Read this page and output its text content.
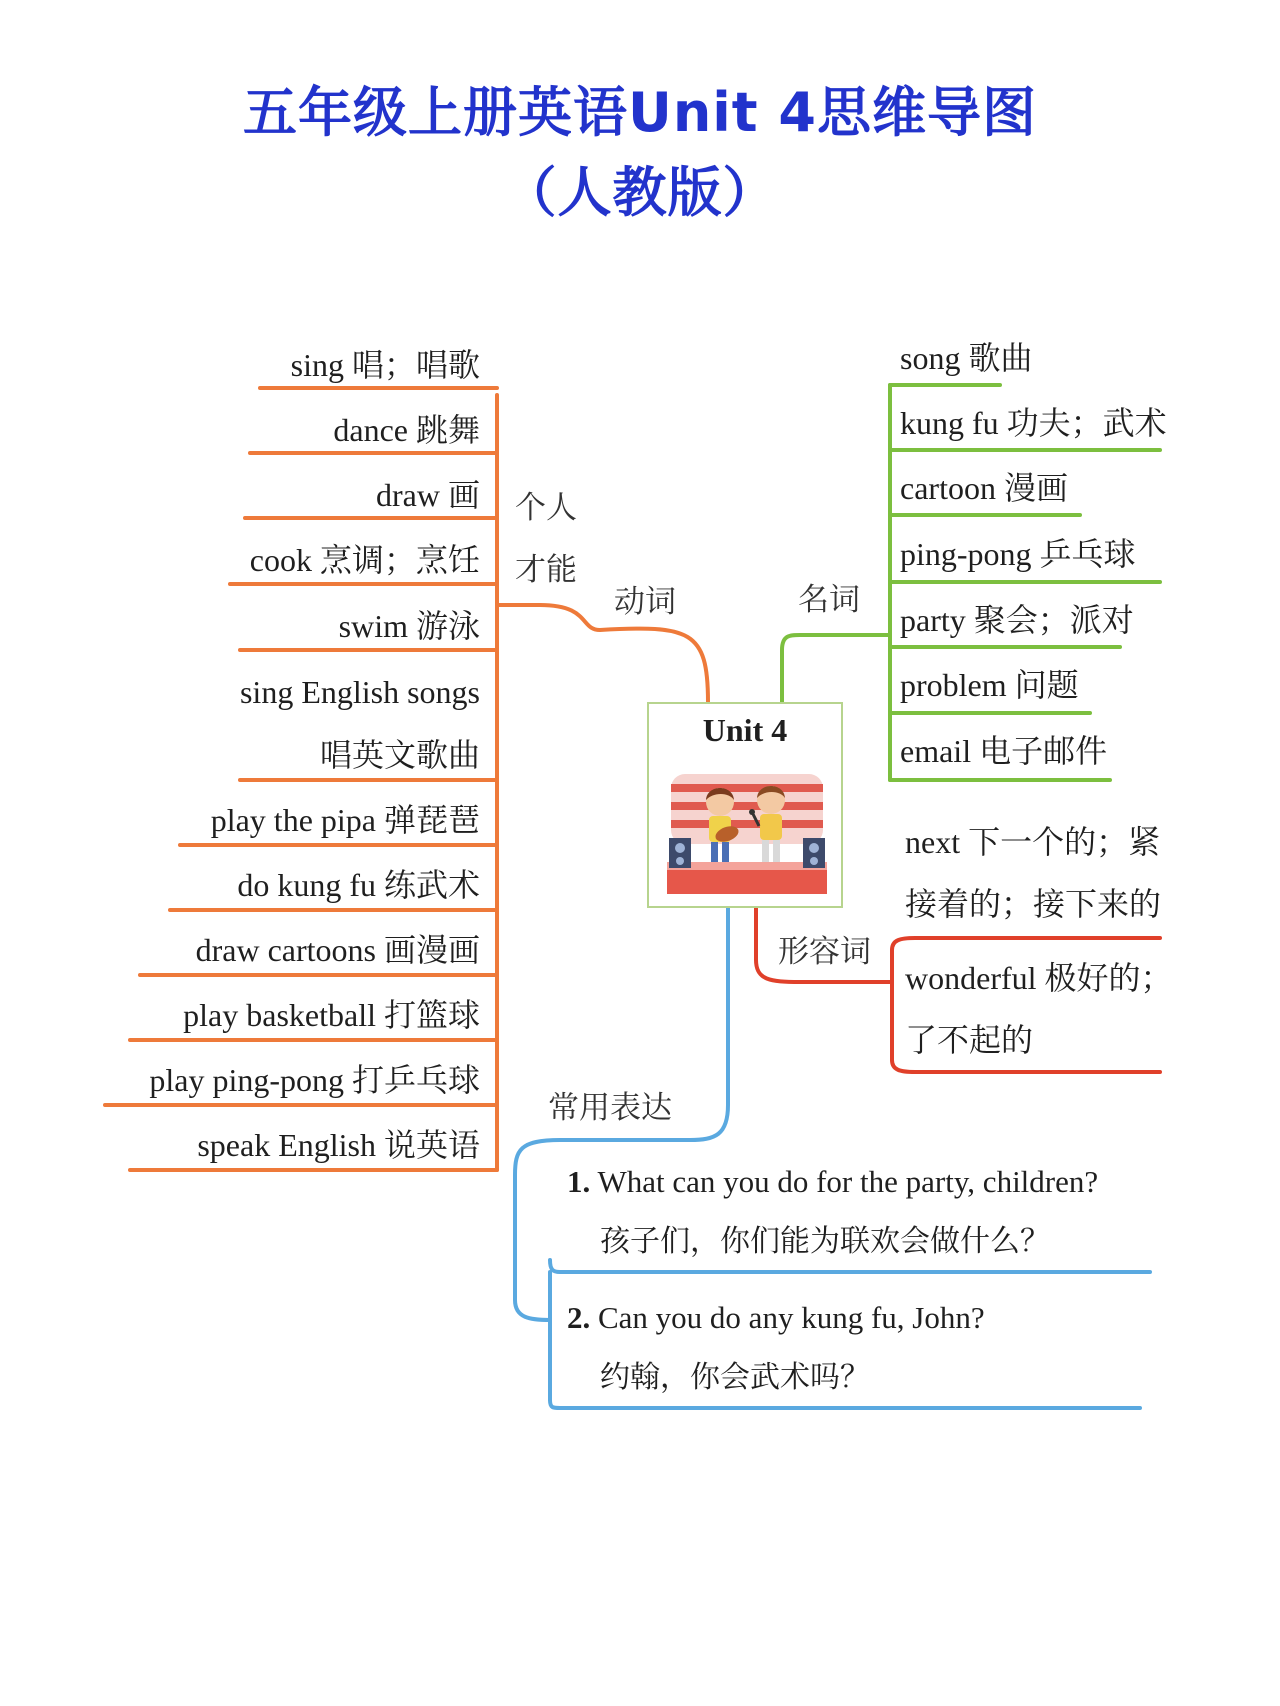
五年级上册英语Unit 4思维导图
（人教版）
动词
个人
才能
sing 唱；唱歌
dance 跳舞
draw 画
cook 烹调；烹饪
swim 游泳
sing English songs
唱英文歌曲
play the pipa 弹琵琶
do kung fu 练武术
draw cartoons 画漫画
play basketball 打篮球
play ping-pong 打乒乓球
speak English 说英语
名词
song 歌曲
kung fu 功夫；武术
cartoon 漫画
ping-pong 乒乓球
party 聚会；派对
problem 问题
email 电子邮件
Unit 4
形容词
next 下一个的；紧
接着的；接下来的
wonderful 极好的；
了不起的
常用表达
1. What can you do for the party, children?
孩子们，你们能为联欢会做什么？
2. Can you do any kung fu, John?
约翰，你会武术吗？
